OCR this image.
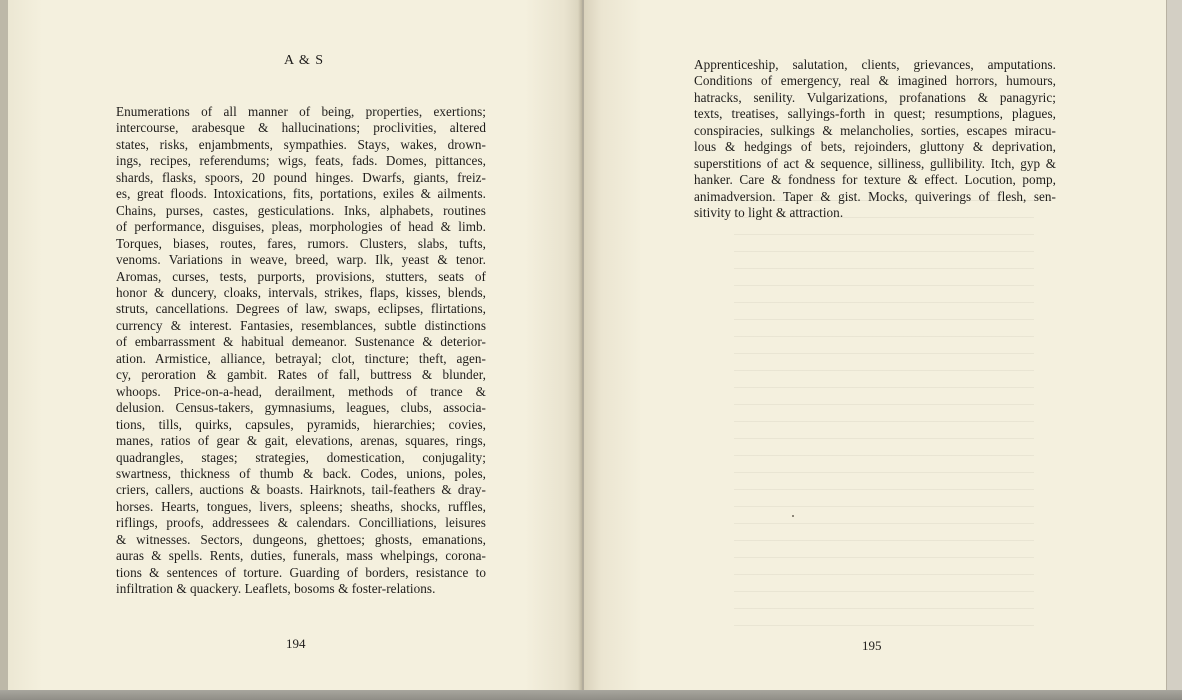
A & S
Enumerations of all manner of being, properties, exertions;
intercourse, arabesque & hallucinations; proclivities, altered
states, risks, enjambments, sympathies. Stays, wakes, drown-
ings, recipes, referendums; wigs, feats, fads. Domes, pittances,
shards, flasks, spoors, 20 pound hinges. Dwarfs, giants, freiz-
es, great floods. Intoxications, fits, portations, exiles & ailments.
Chains, purses, castes, gesticulations. Inks, alphabets, routines
of performance, disguises, pleas, morphologies of head & limb.
Torques, biases, routes, fares, rumors. Clusters, slabs, tufts,
venoms. Variations in weave, breed, warp. Ilk, yeast & tenor.
Aromas, curses, tests, purports, provisions, stutters, seats of
honor & duncery, cloaks, intervals, strikes, flaps, kisses, blends,
struts, cancellations. Degrees of law, swaps, eclipses, flirtations,
currency & interest. Fantasies, resemblances, subtle distinctions
of embarrassment & habitual demeanor. Sustenance & deterior-
ation. Armistice, alliance, betrayal; clot, tincture; theft, agen-
cy, peroration & gambit. Rates of fall, buttress & blunder,
whoops. Price-on-a-head, derailment, methods of trance &
delusion. Census-takers, gymnasiums, leagues, clubs, associa-
tions, tills, quirks, capsules, pyramids, hierarchies; covies,
manes, ratios of gear & gait, elevations, arenas, squares, rings,
quadrangles, stages; strategies, domestication, conjugality;
swartness, thickness of thumb & back. Codes, unions, poles,
criers, callers, auctions & boasts. Hairknots, tail-feathers & dray-
horses. Hearts, tongues, livers, spleens; sheaths, shocks, ruffles,
riflings, proofs, addressees & calendars. Concilliations, leisures
& witnesses. Sectors, dungeons, ghettoes; ghosts, emanations,
auras & spells. Rents, duties, funerals, mass whelpings, corona-
tions & sentences of torture. Guarding of borders, resistance to
infiltration & quackery. Leaflets, bosoms & foster-relations.
194
Apprenticeship, salutation, clients, grievances, amputations.
Conditions of emergency, real & imagined horrors, humours,
hatracks, senility. Vulgarizations, profanations & panagyric;
texts, treatises, sallyings-forth in quest; resumptions, plagues,
conspiracies, sulkings & melancholies, sorties, escapes miracu-
lous & hedgings of bets, rejoinders, gluttony & deprivation,
superstitions of act & sequence, silliness, gullibility. Itch, gyp &
hanker. Care & fondness for texture & effect. Locution, pomp,
animadversion. Taper & gist. Mocks, quiverings of flesh, sen-
sitivity to light & attraction.
195
